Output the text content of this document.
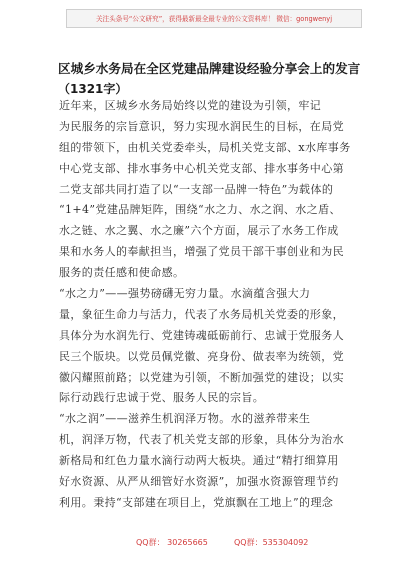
关注头条号“公文研究”，获得最新最全最专业的公文资料库！ 微信：gongwenyj
区城乡水务局在全区党建品牌建设经验分享会上的发言
（1321字）
近年来，区城乡水务局始终以党的建设为引领，牢记
为民服务的宗旨意识，努力实现水润民生的目标，在局党
组的带领下，由机关党委牵头，局机关党支部、x水库事务
中心党支部、排水事务中心机关党支部、排水事务中心第
二党支部共同打造了以“一支部一品牌一特色”为载体的
“1+4”党建品牌矩阵，围绕“水之力、水之润、水之盾、
水之链、水之翼、水之廉”六个方面，展示了水务工作成
果和水务人的奉献担当，增强了党员干部干事创业和为民
服务的责任感和使命感。
“水之力”——强势磅礴无穷力量。水滴蕴含强大力
量，象征生命力与活力，代表了水务局机关党委的形象，
具体分为水润先行、党建铸魂砥砺前行、忠诚于党服务人
民三个版块。以党员佩党徽、亮身份、做表率为统领，党
徽闪耀照前路；以党建为引领，不断加强党的建设；以实
际行动践行忠诚于党、服务人民的宗旨。
“水之润”——滋养生机润泽万物。水的滋养带来生
机，润泽万物，代表了机关党支部的形象，具体分为治水
新格局和红色力量水滴行动两大板块。通过“精打细算用
好水资源、从严从细管好水资源”，加强水资源管理节约
利用。秉持“支部建在项目上，党旗飘在工地上”的理念
QQ群： 30265665	QQ群：535304092
